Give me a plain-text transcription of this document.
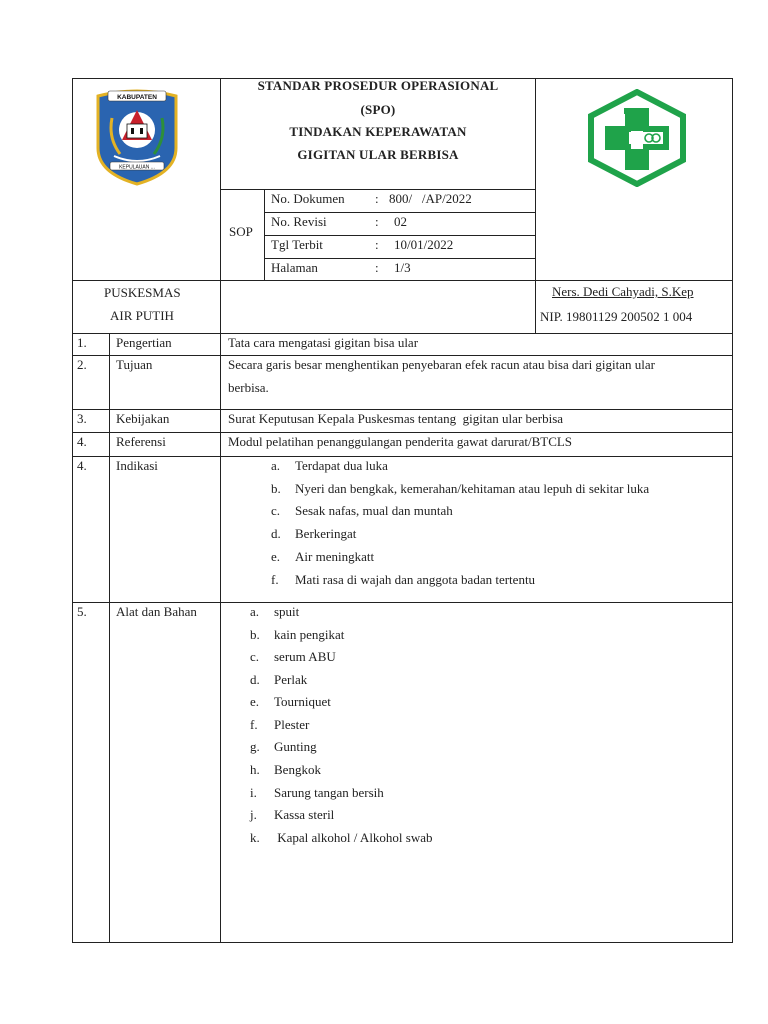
KABUPATEN
KEPULAUAN ...
STANDAR PROSEDUR OPERASIONAL
(SPO)
TINDAKAN KEPERAWATAN
GIGITAN ULAR BERBISA
SOP
No. Dokumen : 800/   /AP/2022
No. Revisi	: 02
Tgl Terbit	: 10/01/2022
Halaman	: 1/3
PUSKESMAS
AIR PUTIH
Ners. Dedi Cahyadi, S.Kep
NIP. 19801129 200502 1 004
1. Pengertian	Tata cara mengatasi gigitan bisa ular
2. Tujuan	Secara garis besar menghentikan penyebaran efek racun atau bisa dari gigitan ular
berbisa.
3. Kebijakan	Surat Keputusan Kepala Puskesmas tentang  gigitan ular berbisa
4. Referensi	Modul pelatihan penanggulangan penderita gawat darurat/BTCLS
4. Indikasi	a. Terdapat dua luka
b. Nyeri dan bengkak, kemerahan/kehitaman atau lepuh di sekitar luka
c. Sesak nafas, mual dan muntah
d. Berkeringat
e. Air meningkatt
f. Mati rasa di wajah dan anggota badan tertentu
5. Alat dan Bahan	a. spuit
b. kain pengikat
c. serum ABU
d. Perlak
e. Tourniquet
f. Plester
g. Gunting
h. Bengkok
i. Sarung tangan bersih
j. Kassa steril
k. Kapal alkohol / Alkohol swab
